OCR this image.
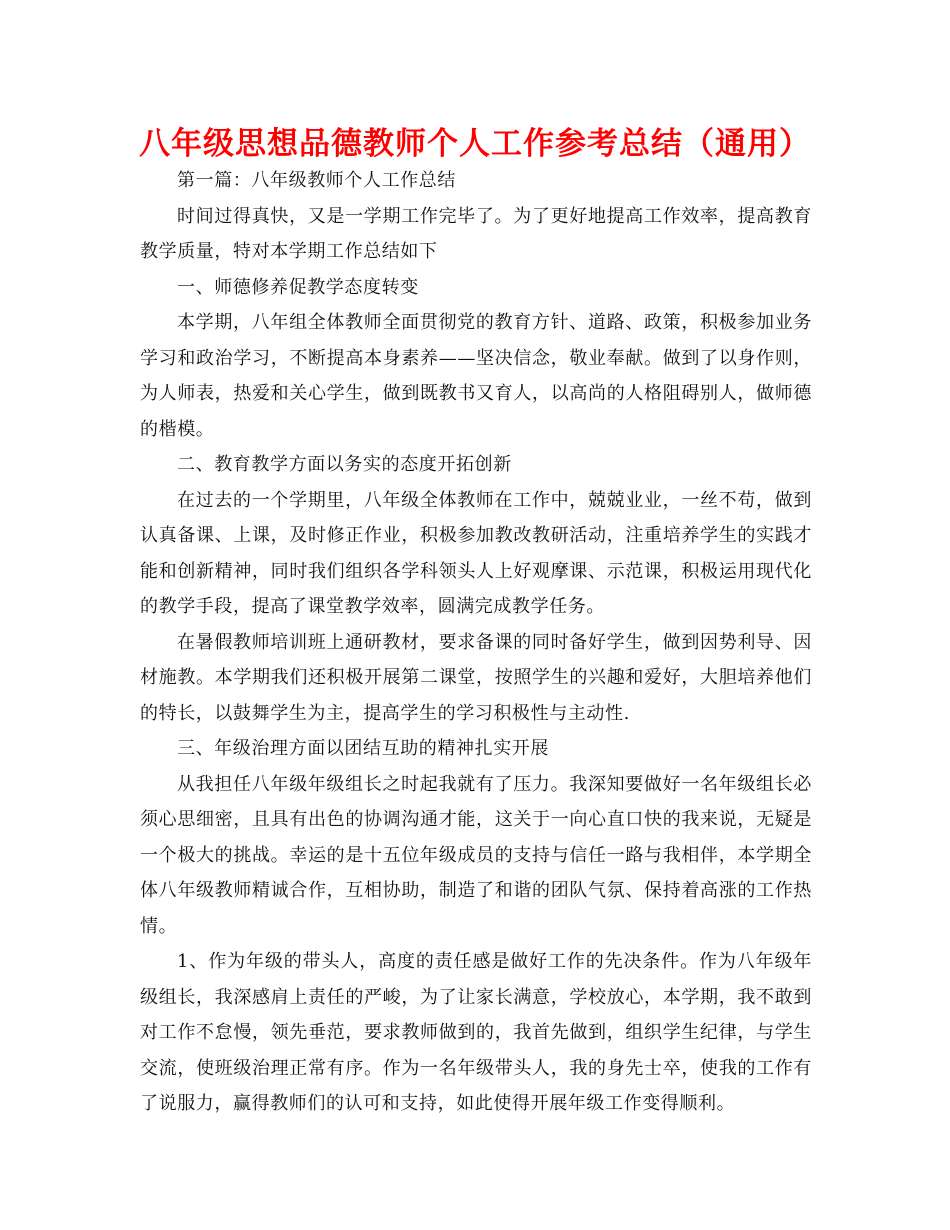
八年级思想品德教师个人工作参考总结（通用）

第一篇：八年级教师个人工作总结

时间过得真快，又是一学期工作完毕了。为了更好地提高工作效率，提高教育教学质量，特对本学期工作总结如下

一、师德修养促教学态度转变

本学期，八年组全体教师全面贯彻党的教育方针、道路、政策，积极参加业务学习和政治学习，不断提高本身素养——坚决信念，敬业奉献。做到了以身作则，为人师表，热爱和关心学生，做到既教书又育人，以高尚的人格阻碍别人，做师德的楷模。

二、教育教学方面以务实的态度开拓创新

在过去的一个学期里，八年级全体教师在工作中，兢兢业业，一丝不苟，做到认真备课、上课，及时修正作业，积极参加教改教研活动，注重培养学生的实践才能和创新精神，同时我们组织各学科领头人上好观摩课、示范课，积极运用现代化的教学手段，提高了课堂教学效率，圆满完成教学任务。

在暑假教师培训班上通研教材，要求备课的同时备好学生，做到因势利导、因材施教。本学期我们还积极开展第二课堂，按照学生的兴趣和爱好，大胆培养他们的特长，以鼓舞学生为主，提高学生的学习积极性与主动性.

三、年级治理方面以团结互助的精神扎实开展

从我担任八年级年级组长之时起我就有了压力。我深知要做好一名年级组长必须心思细密，且具有出色的协调沟通才能，这关于一向心直口快的我来说，无疑是一个极大的挑战。幸运的是十五位年级成员的支持与信任一路与我相伴，本学期全体八年级教师精诚合作，互相协助，制造了和谐的团队气氛、保持着高涨的工作热情。

1、作为年级的带头人，高度的责任感是做好工作的先决条件。作为八年级年级组长，我深感肩上责任的严峻，为了让家长满意，学校放心，本学期，我不敢到对工作不怠慢，领先垂范，要求教师做到的，我首先做到，组织学生纪律，与学生交流，使班级治理正常有序。作为一名年级带头人，我的身先士卒，使我的工作有了说服力，赢得教师们的认可和支持，如此使得开展年级工作变得顺利。
